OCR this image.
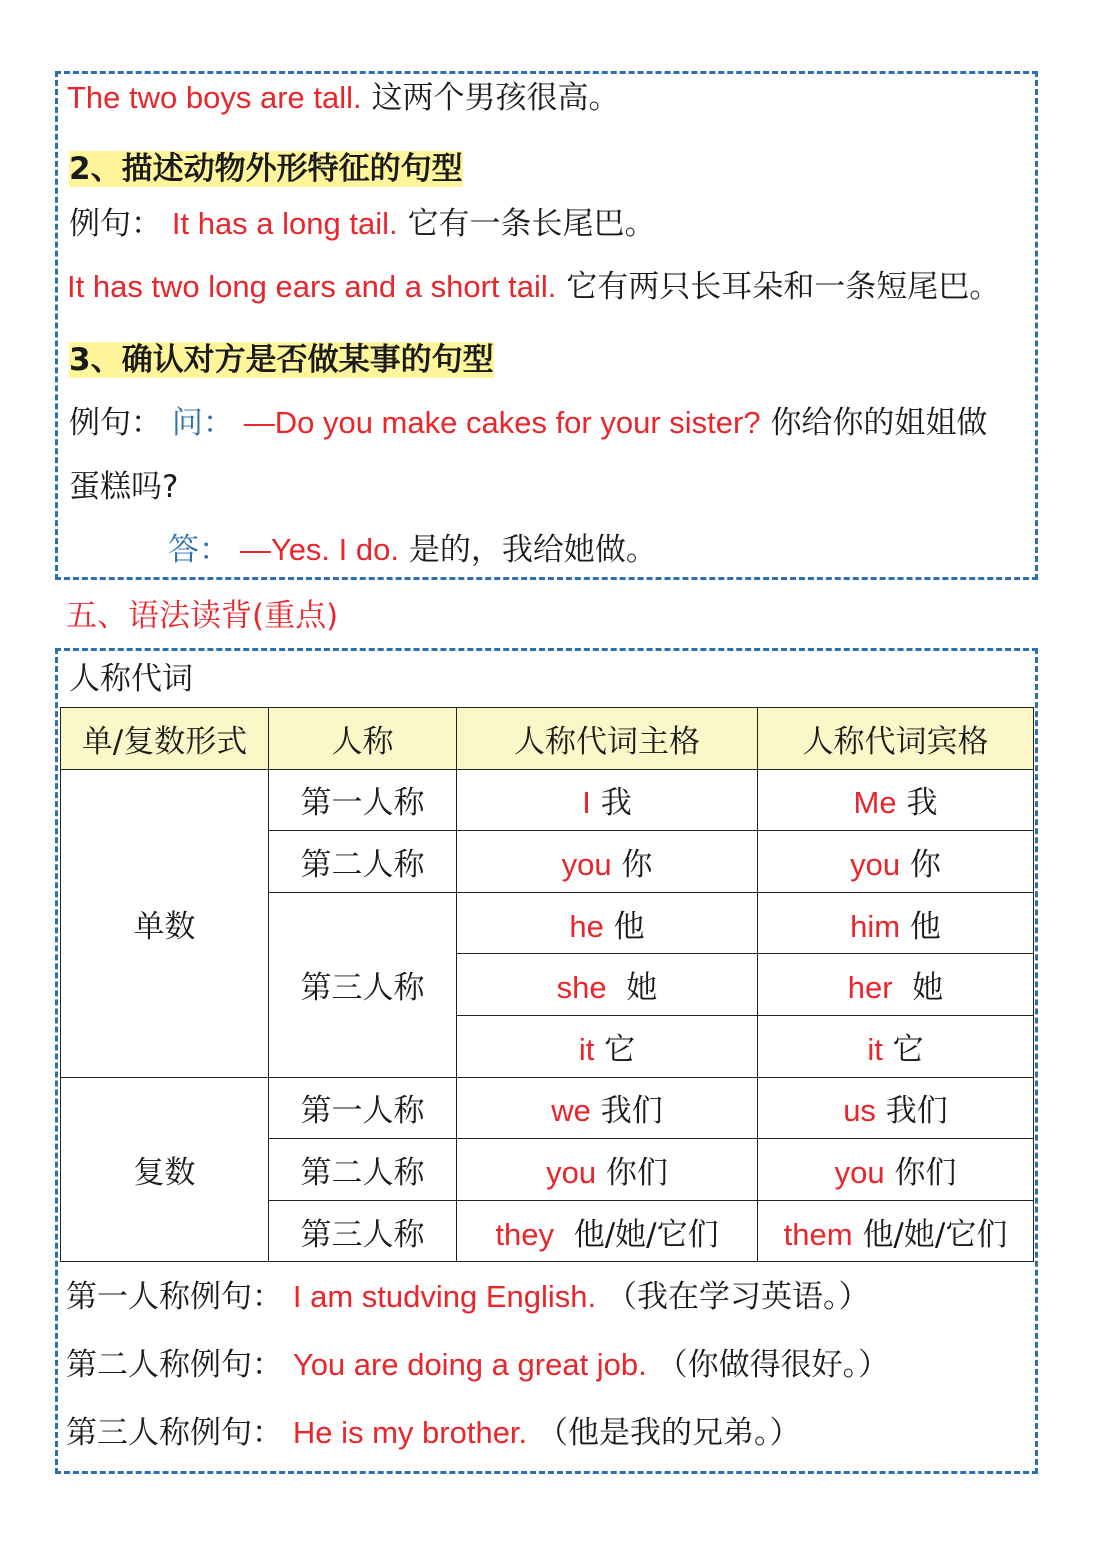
The two boys are tall. 这两个男孩很高。
2、描述动物外形特征的句型
例句： It has a long tail. 它有一条长尾巴。
It has two long ears and a short tail. 它有两只长耳朵和一条短尾巴。
3、确认对方是否做某事的句型
例句： 问： —Do you make cakes for your sister? 你给你的姐姐做
蛋糕吗?
答： —Yes. I do. 是的，我给她做。
五、语法读背(重点)
人称代词
单/复数形式	人称	人称代词主格	人称代词宾格
单数	第一人称	I 我	Me 我
	第二人称	you 你	you 你
	第三人称	he 他	him 他
		she 她	her 她
		it 它	it 它
复数	第一人称	we 我们	us 我们
	第二人称	you 你们	you 你们
	第三人称	they 他/她/它们	them 他/她/它们
第一人称例句： I am studving English. （我在学习英语。）
第二人称例句： You are doing a great job. （你做得很好。）
第三人称例句： He is my brother. （他是我的兄弟。）
